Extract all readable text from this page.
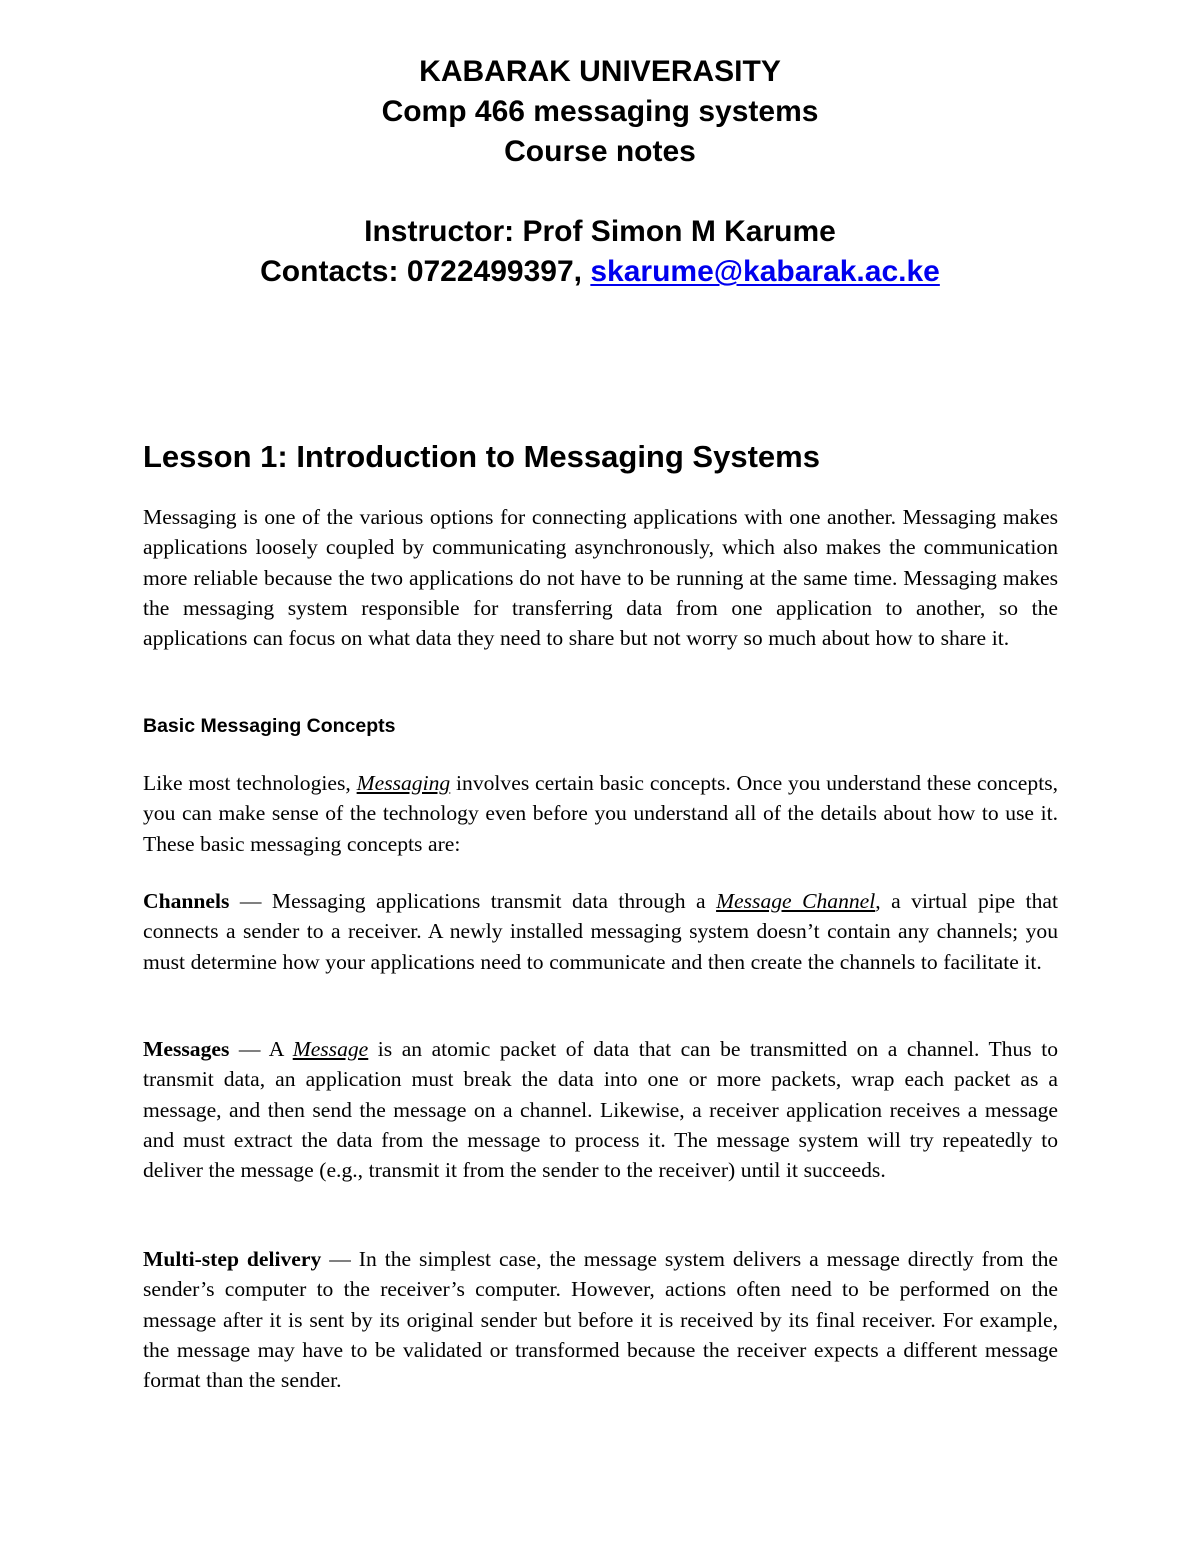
KABARAK UNIVERASITY
Comp 466 messaging systems
Course notes
Instructor: Prof Simon M Karume
Contacts: 0722499397, skarume@kabarak.ac.ke
Lesson 1: Introduction to Messaging Systems

Messaging is one of the various options for connecting applications with one another. Messaging makes applications loosely coupled by communicating asynchronously, which also makes the communication more reliable because the two applications do not have to be running at the same time. Messaging makes the messaging system responsible for transferring data from one application to another, so the applications can focus on what data they need to share but not worry so much about how to share it.

Basic Messaging Concepts

Like most technologies, Messaging involves certain basic concepts. Once you understand these concepts, you can make sense of the technology even before you understand all of the details about how to use it. These basic messaging concepts are:

Channels — Messaging applications transmit data through a Message Channel, a virtual pipe that connects a sender to a receiver. A newly installed messaging system doesn’t contain any channels; you must determine how your applications need to communicate and then create the channels to facilitate it.

Messages — A Message is an atomic packet of data that can be transmitted on a channel. Thus to transmit data, an application must break the data into one or more packets, wrap each packet as a message, and then send the message on a channel. Likewise, a receiver application receives a message and must extract the data from the message to process it. The message system will try repeatedly to deliver the message (e.g., transmit it from the sender to the receiver) until it succeeds.

Multi-step delivery — In the simplest case, the message system delivers a message directly from the sender’s computer to the receiver’s computer. However, actions often need to be performed on the message after it is sent by its original sender but before it is received by its final receiver. For example, the message may have to be validated or transformed because the receiver expects a different message format than the sender.
